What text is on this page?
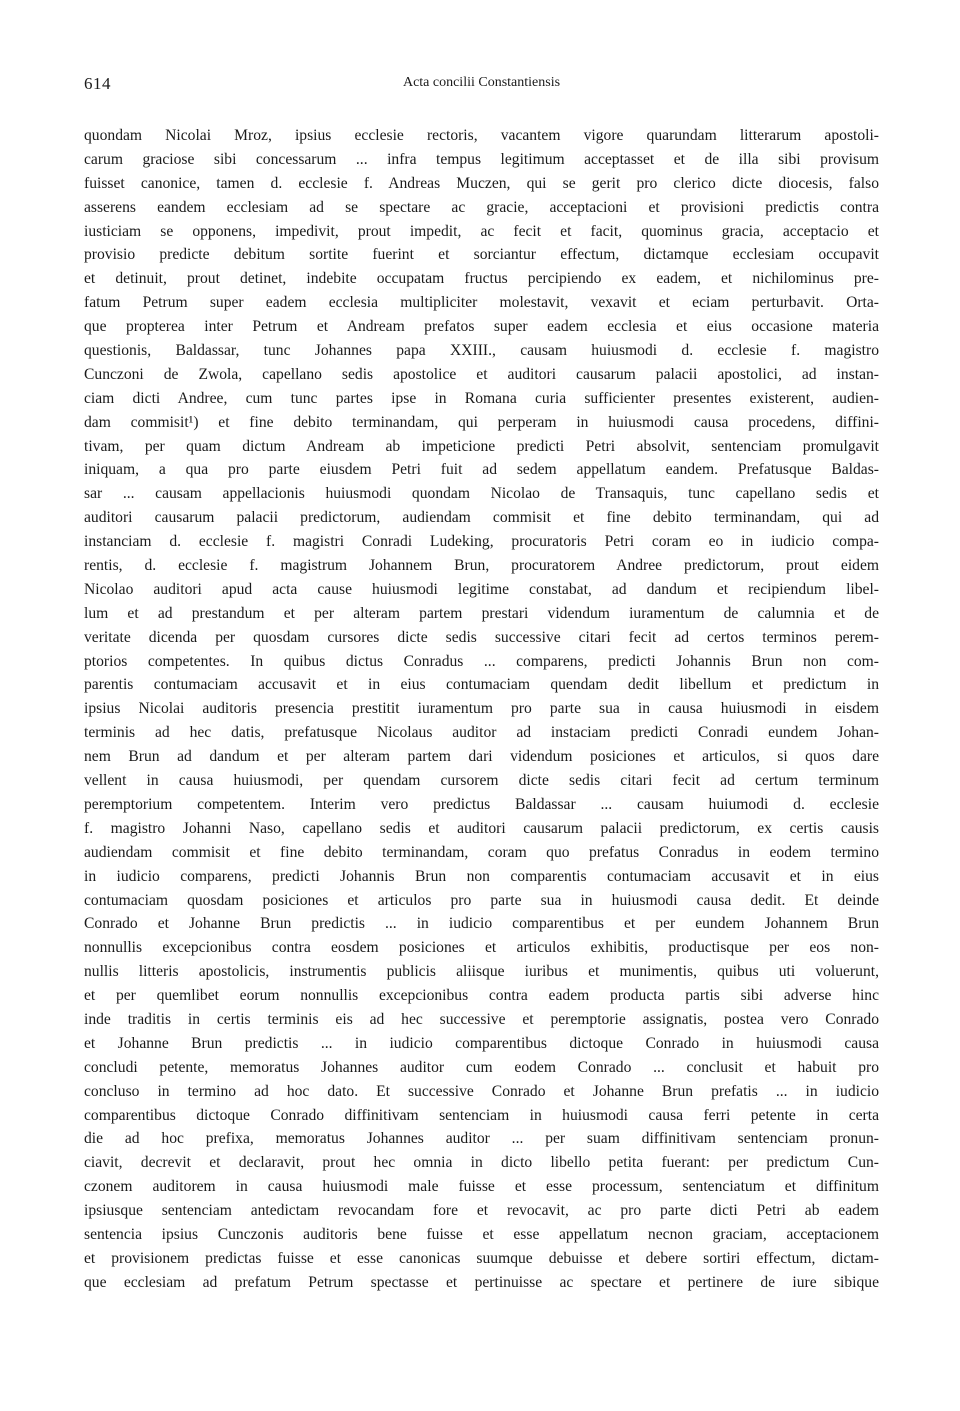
614	Acta concilii Constantiensis
quondam Nicolai Mroz, ipsius ecclesie rectoris, vacantem vigore quarundam litterarum apostoli-
carum graciose sibi concessarum ... infra tempus legitimum acceptasset et de illa sibi provisum
fuisset canonice, tamen d. ecclesie f. Andreas Muczen, qui se gerit pro clerico dicte diocesis, falso
asserens eandem ecclesiam ad se spectare ac gracie, acceptacioni et provisioni predictis contra
iusticiam se opponens, impedivit, prout impedit, ac fecit et facit, quominus gracia, acceptacio et
provisio predicte debitum sortite fuerint et sorciantur effectum, dictamque ecclesiam occupavit
et detinuit, prout detinet, indebite occupatam fructus percipiendo ex eadem, et nichilominus pre-
fatum Petrum super eadem ecclesia multipliciter molestavit, vexavit et eciam perturbavit. Orta-
que propterea inter Petrum et Andream prefatos super eadem ecclesia et eius occasione materia
questionis, Baldassar, tunc Johannes papa XXIII., causam huiusmodi d. ecclesie f. magistro
Cunczoni de Zwola, capellano sedis apostolice et auditori causarum palacii apostolici, ad instan-
ciam dicti Andree, cum tunc partes ipse in Romana curia sufficienter presentes existerent, audien-
dam commisit¹) et fine debito terminandam, qui perperam in huiusmodi causa procedens, diffini-
tivam, per quam dictum Andream ab impeticione predicti Petri absolvit, sentenciam promulgavit
iniquam, a qua pro parte eiusdem Petri fuit ad sedem appellatum eandem. Prefatusque Baldas-
sar ... causam appellacionis huiusmodi quondam Nicolao de Transaquis, tunc capellano sedis et
auditori causarum palacii predictorum, audiendam commisit et fine debito terminandam, qui ad
instanciam d. ecclesie f. magistri Conradi Ludeking, procuratoris Petri coram eo in iudicio compa-
rentis, d. ecclesie f. magistrum Johannem Brun, procuratorem Andree predictorum, prout eidem
Nicolao auditori apud acta cause huiusmodi legitime constabat, ad dandum et recipiendum libel-
lum et ad prestandum et per alteram partem prestari videndum iuramentum de calumnia et de
veritate dicenda per quosdam cursores dicte sedis successive citari fecit ad certos terminos perem-
ptorios competentes. In quibus dictus Conradus ... comparens, predicti Johannis Brun non com-
parentis contumaciam accusavit et in eius contumaciam quendam dedit libellum et predictum in
ipsius Nicolai auditoris presencia prestitit iuramentum pro parte sua in causa huiusmodi in eisdem
terminis ad hec datis, prefatusque Nicolaus auditor ad instaciam predicti Conradi eundem Johan-
nem Brun ad dandum et per alteram partem dari videndum posiciones et articulos, si quos dare
vellent in causa huiusmodi, per quendam cursorem dicte sedis citari fecit ad certum terminum
peremptorium competentem. Interim vero predictus Baldassar ... causam huiumodi d. ecclesie
f. magistro Johanni Naso, capellano sedis et auditori causarum palacii predictorum, ex certis causis
audiendam commisit et fine debito terminandam, coram quo prefatus Conradus in eodem termino
in iudicio comparens, predicti Johannis Brun non comparentis contumaciam accusavit et in eius
contumaciam quosdam posiciones et articulos pro parte sua in huiusmodi causa dedit. Et deinde
Conrado et Johanne Brun predictis ... in iudicio comparentibus et per eundem Johannem Brun
nonnullis excepcionibus contra eosdem posiciones et articulos exhibitis, productisque per eos non-
nullis litteris apostolicis, instrumentis publicis aliisque iuribus et munimentis, quibus uti voluerunt,
et per quemlibet eorum nonnullis excepcionibus contra eadem producta partis sibi adverse hinc
inde traditis in certis terminis eis ad hec successive et peremptorie assignatis, postea vero Conrado
et Johanne Brun predictis ... in iudicio comparentibus dictoque Conrado in huiusmodi causa
concludi petente, memoratus Johannes auditor cum eodem Conrado ... conclusit et habuit pro
concluso in termino ad hoc dato. Et successive Conrado et Johanne Brun prefatis ... in iudicio
comparentibus dictoque Conrado diffinitivam sentenciam in huiusmodi causa ferri petente in certa
die ad hoc prefixa, memoratus Johannes auditor ... per suam diffinitivam sentenciam pronun-
ciavit, decrevit et declaravit, prout hec omnia in dicto libello petita fuerant: per predictum Cun-
czonem auditorem in causa huiusmodi male fuisse et esse processum, sentenciatum et diffinitum
ipsiusque sentenciam antedictam revocandam fore et revocavit, ac pro parte dicti Petri ab eadem
sentencia ipsius Cunczonis auditoris bene fuisse et esse appellatum necnon graciam, acceptacionem
et provisionem predictas fuisse et esse canonicas suumque debuisse et debere sortiri effectum, dictam-
que ecclesiam ad prefatum Petrum spectasse et pertinuisse ac spectare et pertinere de iure sibique
